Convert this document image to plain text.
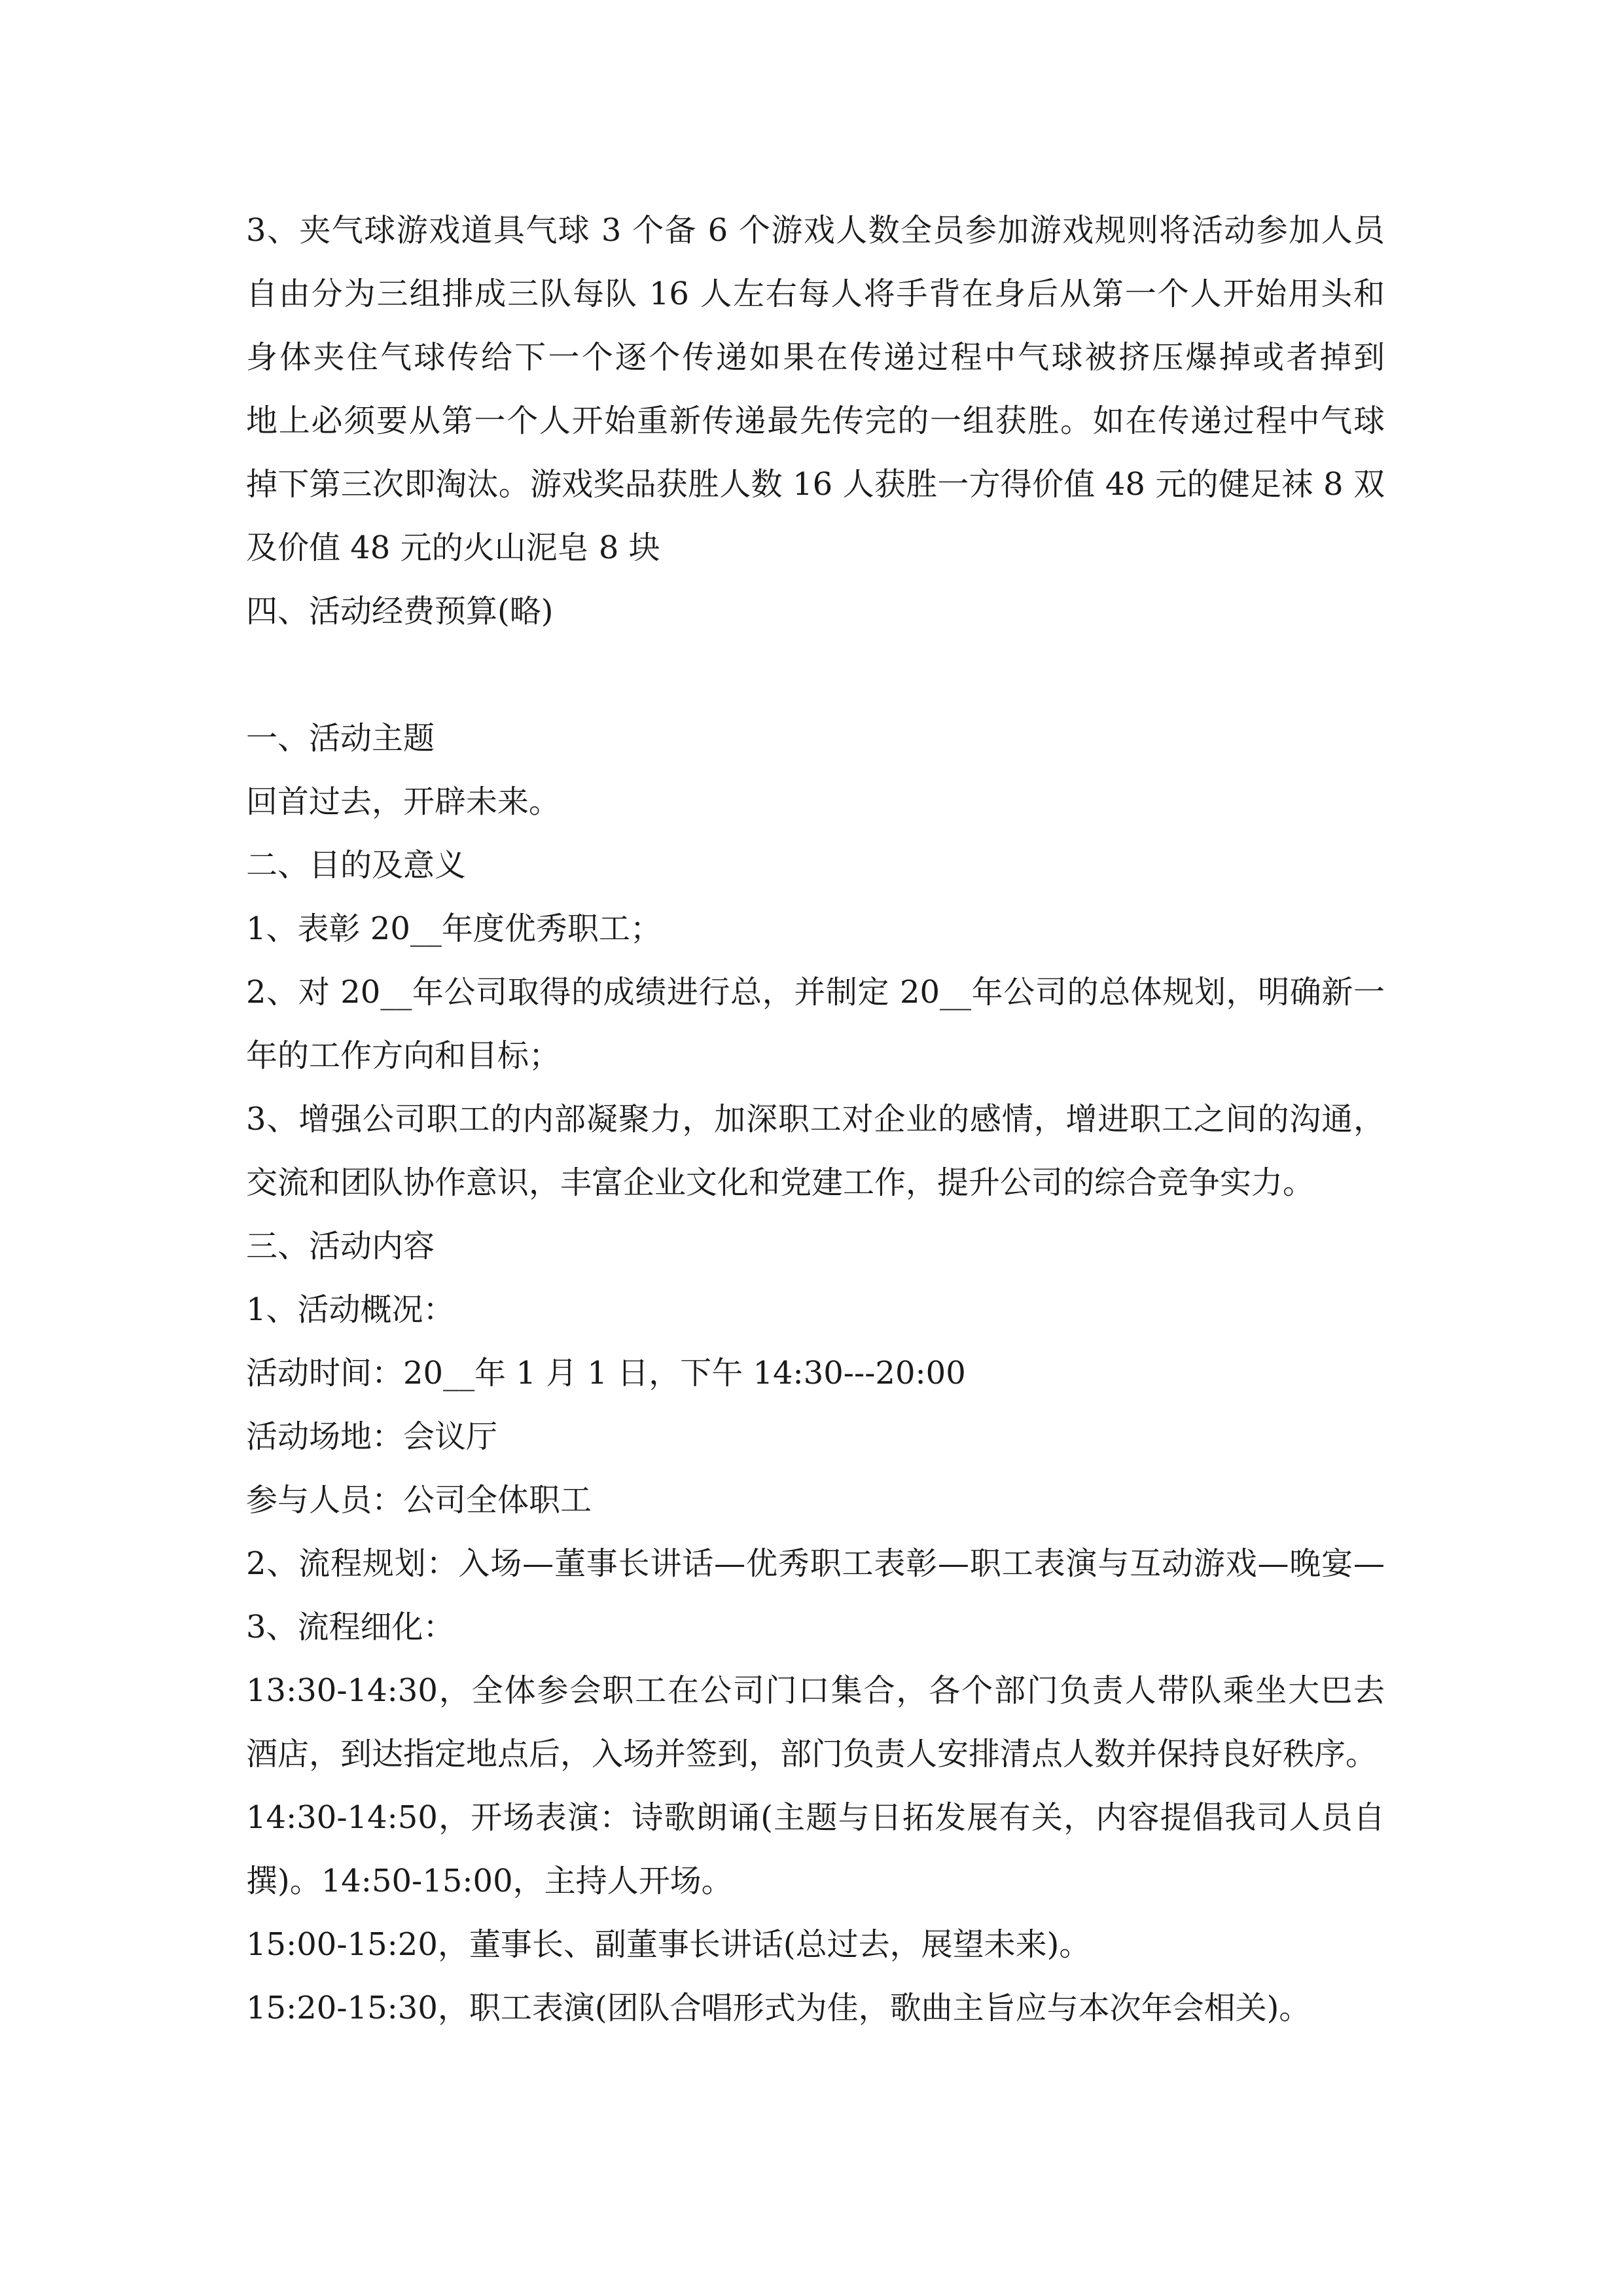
3、夹气球游戏道具气球 3 个备 6 个游戏人数全员参加游戏规则将活动参加人员
自由分为三组排成三队每队 16 人左右每人将手背在身后从第一个人开始用头和
身体夹住气球传给下一个逐个传递如果在传递过程中气球被挤压爆掉或者掉到
地上必须要从第一个人开始重新传递最先传完的一组获胜。如在传递过程中气球
掉下第三次即淘汰。游戏奖品获胜人数 16 人获胜一方得价值 48 元的健足袜 8 双
及价值 48 元的火山泥皂 8 块
四、活动经费预算(略)
一、活动主题
回首过去，开辟未来。
二、目的及意义
1、表彰 20__年度优秀职工；
2、对 20__年公司取得的成绩进行总，并制定 20__年公司的总体规划，明确新一
年的工作方向和目标；
3、增强公司职工的内部凝聚力，加深职工对企业的感情，增进职工之间的沟通，
交流和团队协作意识，丰富企业文化和党建工作，提升公司的综合竞争实力。
三、活动内容
1、活动概况：
活动时间：20__年 1 月 1 日，下午 14:30---20:00
活动场地：会议厅
参与人员：公司全体职工
2、流程规划：入场—董事长讲话—优秀职工表彰—职工表演与互动游戏—晚宴—
3、流程细化：
13:30-14:30，全体参会职工在公司门口集合，各个部门负责人带队乘坐大巴去
酒店，到达指定地点后，入场并签到，部门负责人安排清点人数并保持良好秩序。
14:30-14:50，开场表演：诗歌朗诵(主题与日拓发展有关，内容提倡我司人员自
撰)。14:50-15:00，主持人开场。
15:00-15:20，董事长、副董事长讲话(总过去，展望未来)。
15:20-15:30，职工表演(团队合唱形式为佳，歌曲主旨应与本次年会相关)。
